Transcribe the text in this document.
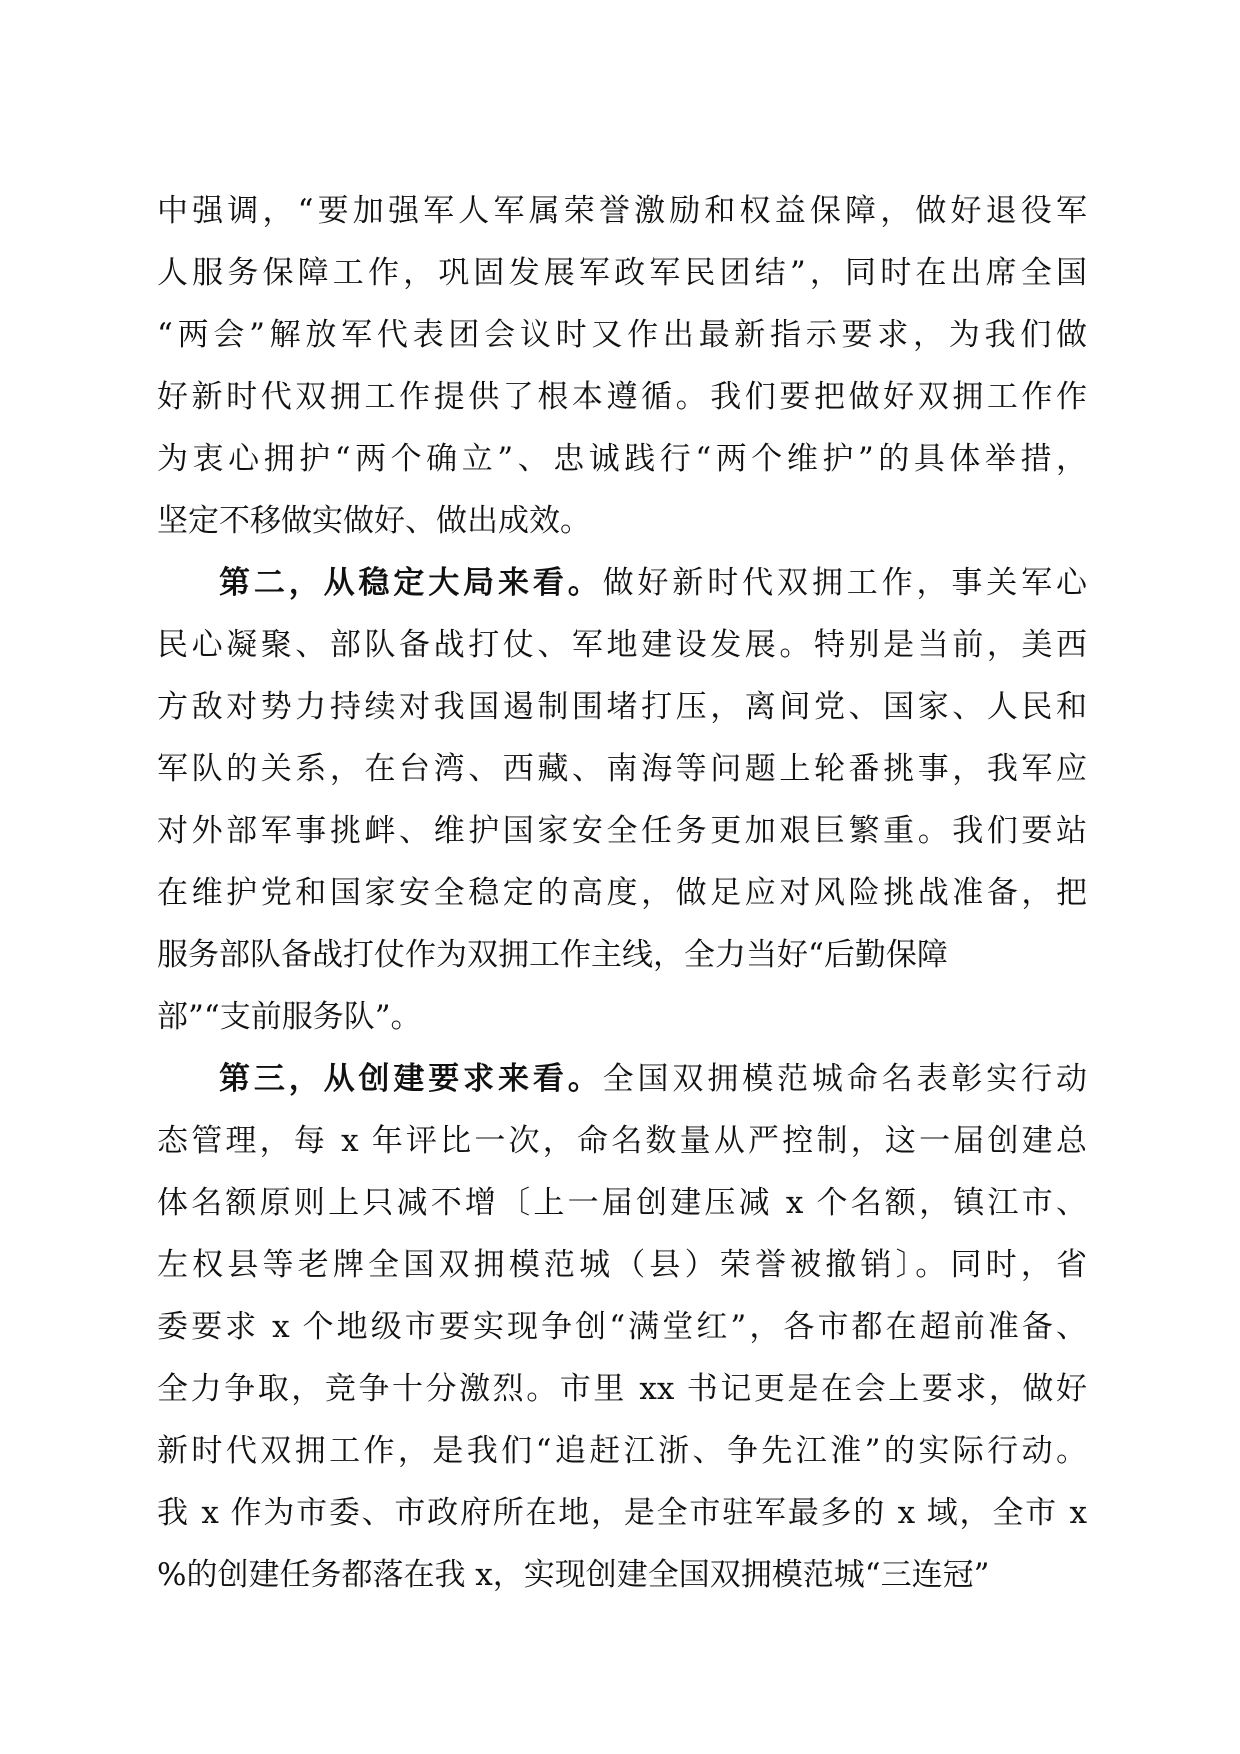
中强调，“要加强军人军属荣誉激励和权益保障，做好退役军
人服务保障工作，巩固发展军政军民团结”，同时在出席全国
“两会”解放军代表团会议时又作出最新指示要求，为我们做
好新时代双拥工作提供了根本遵循。我们要把做好双拥工作作
为衷心拥护“两个确立”、忠诚践行“两个维护”的具体举措，
坚定不移做实做好、做出成效。
第二，从稳定大局来看。做好新时代双拥工作，事关军心
民心凝聚、部队备战打仗、军地建设发展。特别是当前，美西
方敌对势力持续对我国遏制围堵打压，离间党、国家、人民和
军队的关系，在台湾、西藏、南海等问题上轮番挑事，我军应
对外部军事挑衅、维护国家安全任务更加艰巨繁重。我们要站
在维护党和国家安全稳定的高度，做足应对风险挑战准备，把
服务部队备战打仗作为双拥工作主线，全力当好“后勤保障
部”“支前服务队”。
第三，从创建要求来看。全国双拥模范城命名表彰实行动
态管理，每 x 年评比一次，命名数量从严控制，这一届创建总
体名额原则上只减不增〔上一届创建压减 x 个名额，镇江市、
左权县等老牌全国双拥模范城（县）荣誉被撤销〕。同时，省
委要求 x 个地级市要实现争创“满堂红”，各市都在超前准备、
全力争取，竞争十分激烈。市里 xx 书记更是在会上要求，做好
新时代双拥工作，是我们“追赶江浙、争先江淮”的实际行动。
我 x 作为市委、市政府所在地，是全市驻军最多的 x 域，全市 x
%的创建任务都落在我 x，实现创建全国双拥模范城“三连冠”
